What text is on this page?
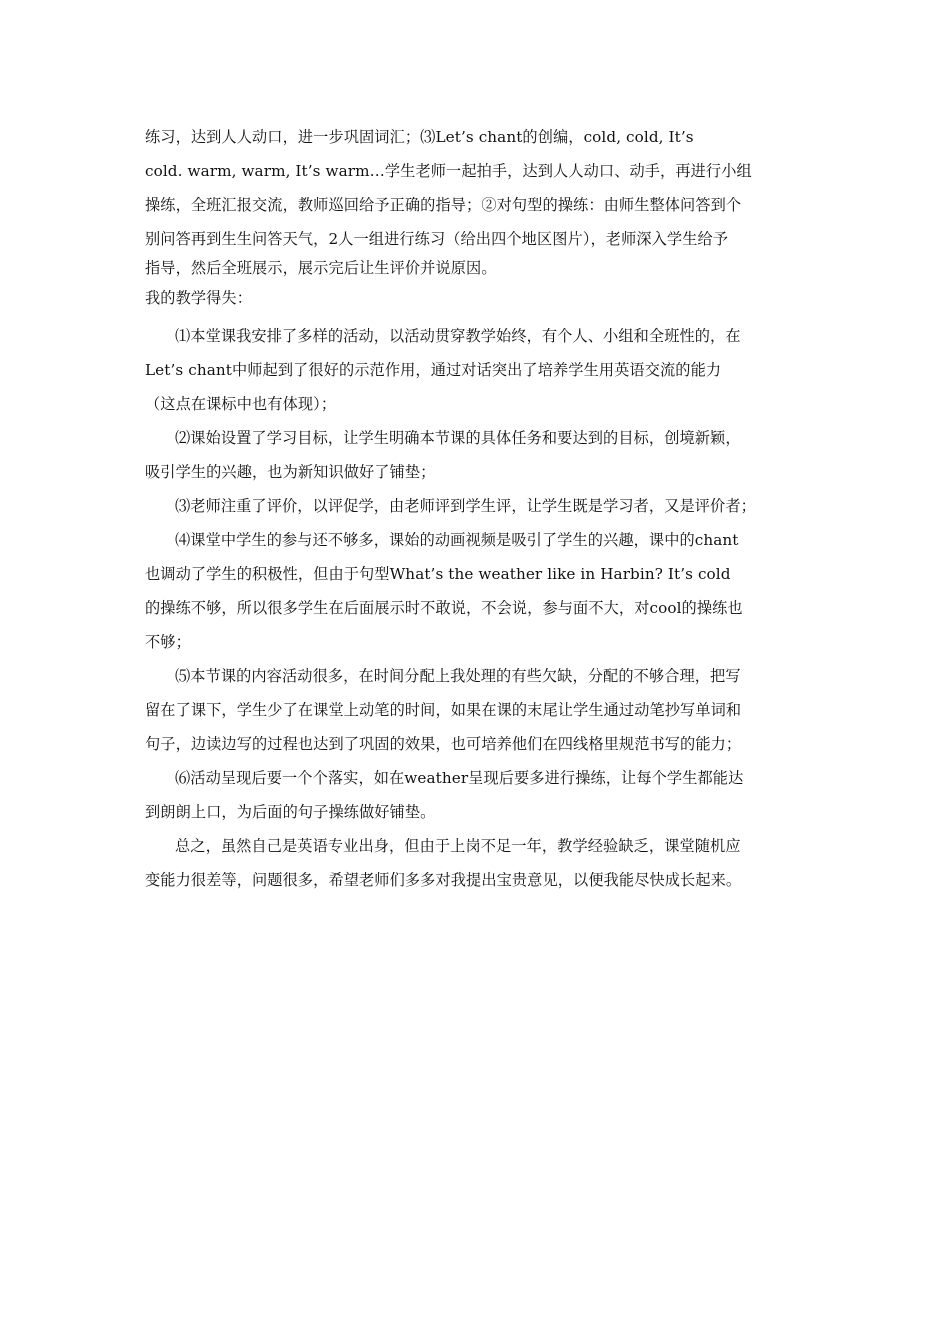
练习，达到人人动口，进一步巩固词汇；⑶Let’s chant的创编，cold, cold, It’s
cold. warm, warm, It’s warm…学生老师一起拍手，达到人人动口、动手，再进行小组
操练，全班汇报交流，教师巡回给予正确的指导；②对句型的操练：由师生整体问答到个
别问答再到生生问答天气，2人一组进行练习（给出四个地区图片），老师深入学生给予
指导，然后全班展示，展示完后让生评价并说原因。
我的教学得失：
⑴本堂课我安排了多样的活动，以活动贯穿教学始终，有个人、小组和全班性的，在
Let’s chant中师起到了很好的示范作用，通过对话突出了培养学生用英语交流的能力
（这点在课标中也有体现）；
⑵课始设置了学习目标，让学生明确本节课的具体任务和要达到的目标，创境新颖，
吸引学生的兴趣，也为新知识做好了铺垫；
⑶老师注重了评价，以评促学，由老师评到学生评，让学生既是学习者，又是评价者；
⑷课堂中学生的参与还不够多，课始的动画视频是吸引了学生的兴趣，课中的chant
也调动了学生的积极性，但由于句型What’s the weather like in Harbin? It’s cold
的操练不够，所以很多学生在后面展示时不敢说，不会说，参与面不大，对cool的操练也
不够；
⑸本节课的内容活动很多，在时间分配上我处理的有些欠缺，分配的不够合理，把写
留在了课下，学生少了在课堂上动笔的时间，如果在课的末尾让学生通过动笔抄写单词和
句子，边读边写的过程也达到了巩固的效果，也可培养他们在四线格里规范书写的能力；
⑹活动呈现后要一个个落实，如在weather呈现后要多进行操练，让每个学生都能达
到朗朗上口，为后面的句子操练做好铺垫。
总之，虽然自己是英语专业出身，但由于上岗不足一年，教学经验缺乏，课堂随机应
变能力很差等，问题很多，希望老师们多多对我提出宝贵意见，以便我能尽快成长起来。
